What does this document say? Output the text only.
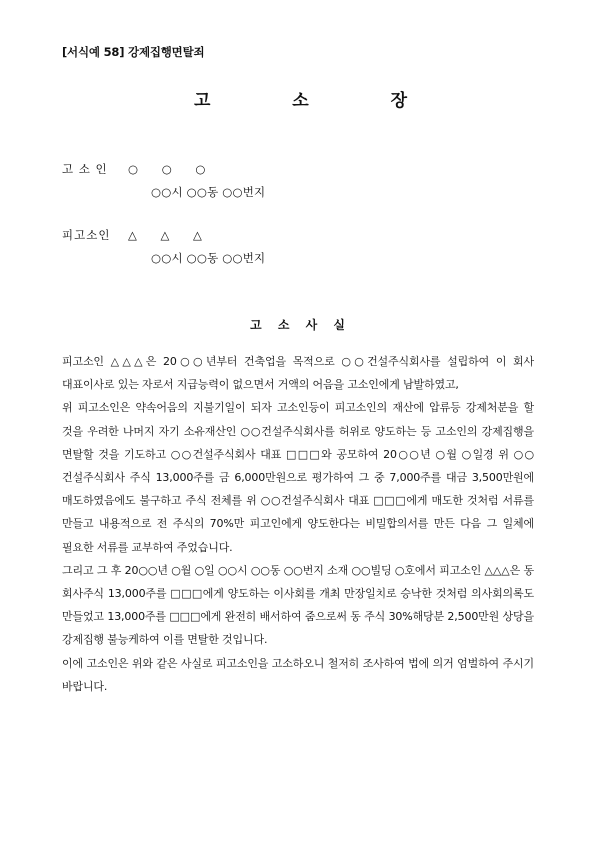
[서식예 58] 강제집행면탈죄
고 소 장
고 소 인 ○ ○ ○
○○시 ○○동 ○○번지
피고소인 △ △ △
○○시 ○○동 ○○번지
고 소 사 실

피고소인 △△△은 20○○년부터 건축업을 목적으로 ○○건설주식회사를 설립하여 이 회사 대표이사로 있는 자로서 지급능력이 없으면서 거액의 어음을 고소인에게 남발하였고,

위 피고소인은 약속어음의 지불기일이 되자 고소인등이 피고소인의 재산에 압류등 강제처분을 할 것을 우려한 나머지 자기 소유재산인 ○○건설주식회사를 허위로 양도하는 등 고소인의 강제집행을 면탈할 것을 기도하고 ○○건설주식회사 대표 □□□와 공모하여 20○○년 ○월 ○일경 위 ○○건설주식회사 주식 13,000주를 금 6,000만원으로 평가하여 그 중 7,000주를 대금 3,500만원에 매도하였음에도 불구하고 주식 전체를 위 ○○건설주식회사 대표 □□□에게 매도한 것처럼 서류를 만들고 내용적으로 전 주식의 70%만 피고인에게 양도한다는 비밀합의서를 만든 다음 그 일체에 필요한 서류를 교부하여 주었습니다.

그리고 그 후 20○○년 ○월 ○일 ○○시 ○○동 ○○번지 소재 ○○빌딩 ○호에서 피고소인 △△△은 동 회사주식 13,000주를 □□□에게 양도하는 이사회를 개최 만장일치로 승낙한 것처럼 의사회의록도 만들었고 13,000주를 □□□에게 완전히 배서하여 줌으로써 동 주식 30%해당분 2,500만원 상당을 강제집행 불능케하여 이를 면탈한 것입니다.

이에 고소인은 위와 같은 사실로 피고소인을 고소하오니 철저히 조사하여 법에 의거 엄벌하여 주시기 바랍니다.
